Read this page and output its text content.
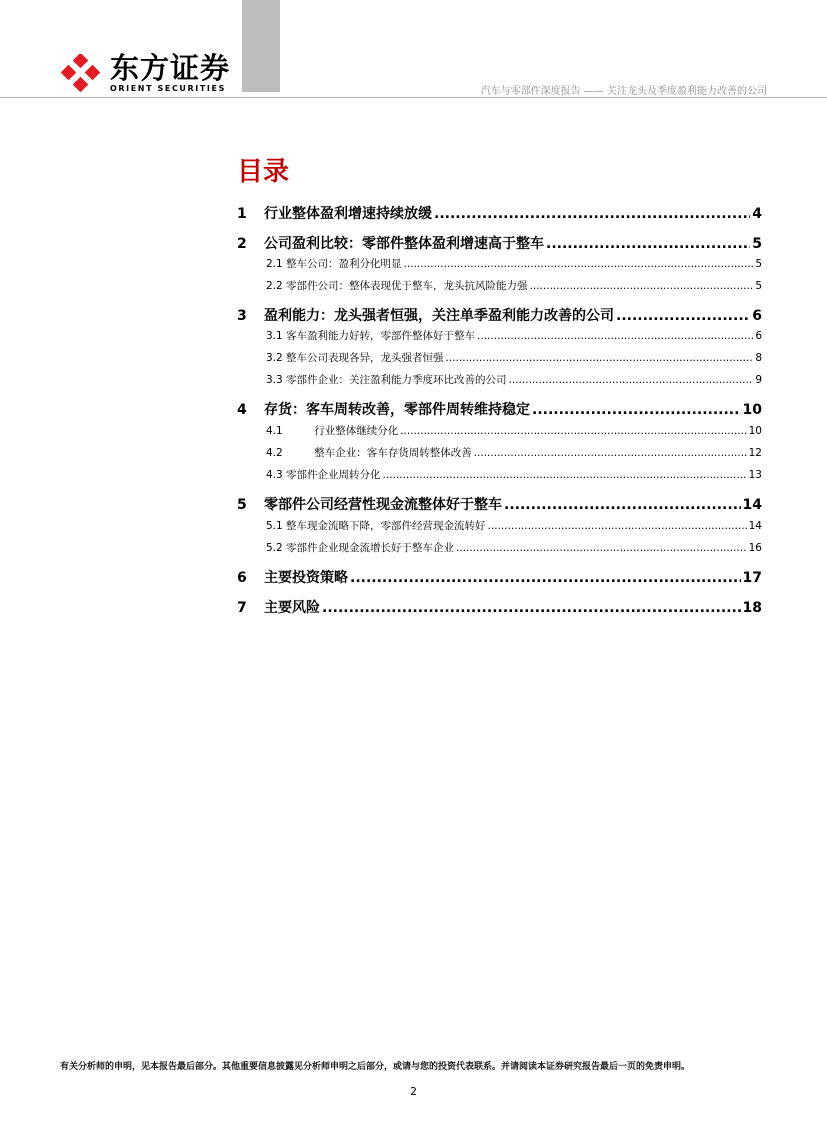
东方证券
ORIENT SECURITIES	汽车与零部件深度报告 —— 关注龙头及季度盈利能力改善的公司
目录
1	行业整体盈利增速持续放缓 .....	4
2	公司盈利比较：零部件整体盈利增速高于整车 .....	5
2.1 整车公司：盈利分化明显 .....	5
2.2 零部件公司：整体表现优于整车，龙头抗风险能力强 .....	5
3	盈利能力：龙头强者恒强，关注单季盈利能力改善的公司 .....	6
3.1 客车盈利能力好转，零部件整体好于整车 .....	6
3.2 整车公司表现各异，龙头强者恒强 .....	8
3.3 零部件企业：关注盈利能力季度环比改善的公司 .....	9
4	存货：客车周转改善，零部件周转维持稳定 .....	10
4.1　　　行业整体继续分化 .....	10
4.2　　　整车企业：客车存货周转整体改善 .....	12
4.3 零部件企业周转分化 .....	13
5	零部件公司经营性现金流整体好于整车 .....	14
5.1 整车现金流略下降，零部件经营现金流转好 .....	14
5.2 零部件企业现金流增长好于整车企业 .....	16
6	主要投资策略 .....	17
7	主要风险 .....	18
有关分析师的申明，见本报告最后部分。其他重要信息披露见分析师申明之后部分，或请与您的投资代表联系。并请阅读本证券研究报告最后一页的免责申明。
2
